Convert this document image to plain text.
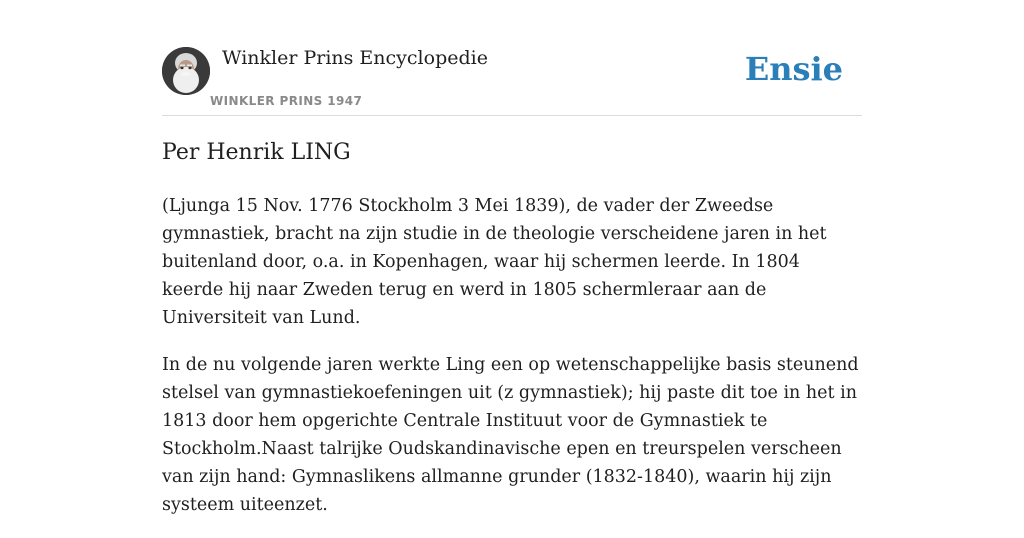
Winkler Prins Encyclopedie
WINKLER PRINS 1947
Ensie
Per Henrik LING

(Ljunga 15 Nov. 1776 Stockholm 3 Mei 1839), de vader der Zweedse gymnastiek, bracht na zijn studie in de theologie verscheidene jaren in het buitenland door, o.a. in Kopenhagen, waar hij schermen leerde. In 1804 keerde hij naar Zweden terug en werd in 1805 schermleraar aan de Universiteit van Lund.

In de nu volgende jaren werkte Ling een op wetenschappelijke basis steunend stelsel van gymnastiekoefeningen uit (z gymnastiek); hij paste dit toe in het in 1813 door hem opgerichte Centrale Instituut voor de Gymnastiek te Stockholm.Naast talrijke Oudskandinavische epen en treurspelen verscheen van zijn hand: Gymnaslikens allmanne grunder (1832-1840), waarin hij zijn systeem uiteenzet.
